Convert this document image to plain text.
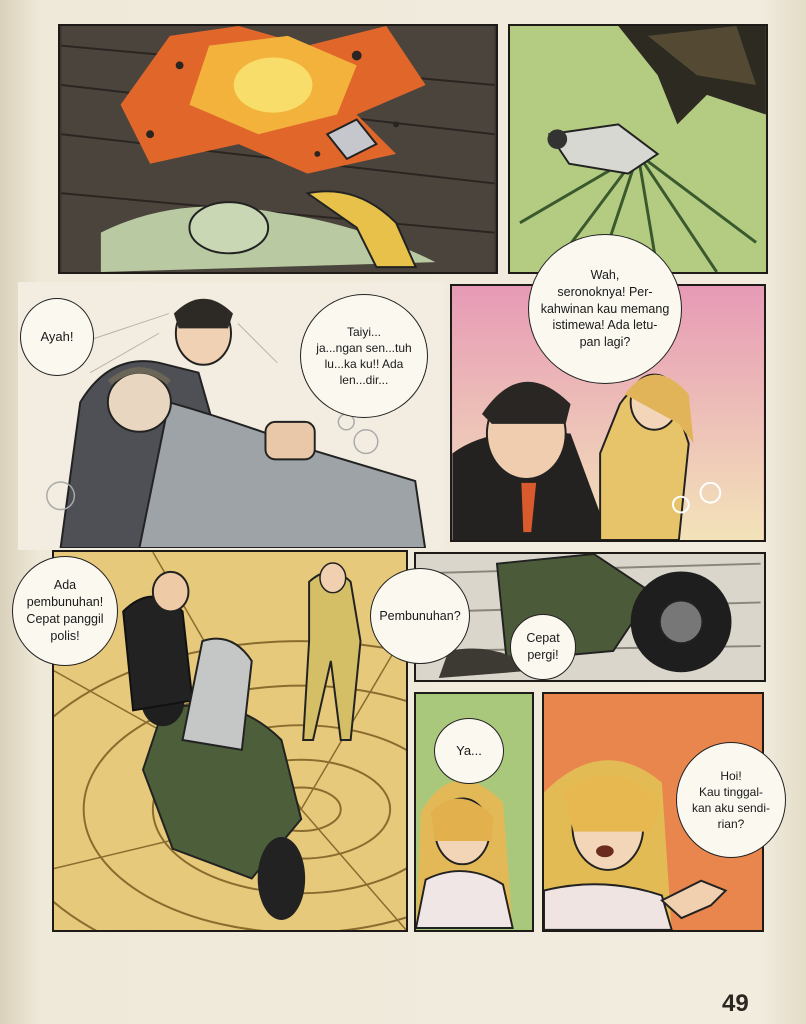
Ayah!	Taiyi...
ja...ngan sen...tuh
lu...ka ku!! Ada
len...dir...
Wah,
seronoknya! Per-
kahwinan kau memang
istimewa! Ada letu-
pan lagi?
Ada
pembunuhan!
Cepat panggil
polis!
Pembunuhan?
Cepat
pergi!
Ya...
Hoi!
Kau tinggal-
kan aku sendi-
rian?
49
